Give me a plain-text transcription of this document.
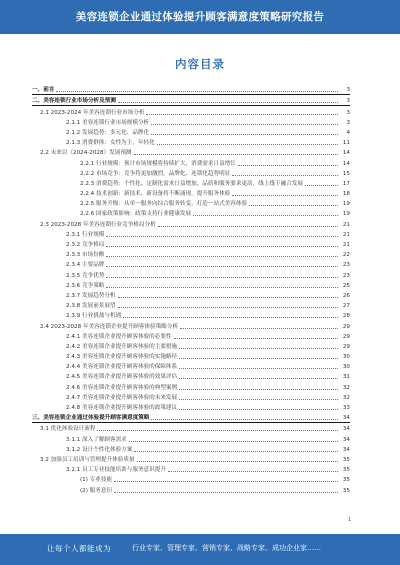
美容连锁企业通过体验提升顾客满意度策略研究报告
内容目录
一、前言	3
二、美容连锁行业市场分析及预测	3
2.1 2023-2024 年美容连锁行业市场分析	3
2.1.1 美容连锁行业市场规模分析	3
2.1.2 发展趋势：多元化、品牌化	4
2.1.3 消费群体：女性为主，年轻化	11
2.2 未来以（2024-2028）发展预测	14
2.2.1 行业规模：预计市场规模将持续扩大，消费需求日益增长	14
2.2.2 市场竞争：竞争将更加激烈，品牌化、连锁化趋势明显	15
2.2.3 消费趋势：个性化、定制化需求日益增加，品质和服务要求更高，线上线下融合发展	17
2.2.4 技术创新：新技术、新设备将不断涌现，提升服务体验	18
2.2.5 服务升级：从单一服务向综合服务转变，打造一站式美容体验	19
2.2.6 国家政策影响：政策支持行业健康发展	19
2.3 2023-2028 年美容连锁行业竞争格局分析	21
2.3.1 行业规模	21
2.3.2 竞争格局	21
2.3.3 市场份额	22
2.3.4 主要品牌	23
2.3.5 竞争优势	23
2.3.6 竞争策略	25
2.3.7 发展趋势分析	26
2.3.8 发展前景展望	27
2.3.9 行业挑战与机遇	28
2.4 2023-2028 年美容连锁企业提升顾客体验策略分析	29
2.4.1 美容连锁企业提升顾客体验的必要性	29
2.4.2 美容连锁企业提升顾客体验的主要措施	29
2.4.3 美容连锁企业提升顾客体验的实施路径	30
2.4.4 美容连锁企业提升顾客体验的保障体系	30
2.4.5 美容连锁企业提升顾客体验的效果评估	31
2.4.6 美容连锁企业提升顾客体验的典型案例	32
2.4.7 美容连锁企业提升顾客体验的未来发展	32
2.4.8 美容连锁企业提升顾客体验的政策建议	33
三、美容连锁企业通过体验提升顾客满意度策略	34
3.1 优化体验设计流程	34
3.1.1 深入了解顾客需求	34
3.1.2 设计个性化体验方案	34
3.2 加强员工培训与管理提升体验质量	35
3.2.1 员工专业技能培训与服务意识提升	35
(1) 专业技能	35
(2) 服务意识	35
1
让每个人都能成为	行业专家、管理专家、营销专家、战略专家、成功企业家……
